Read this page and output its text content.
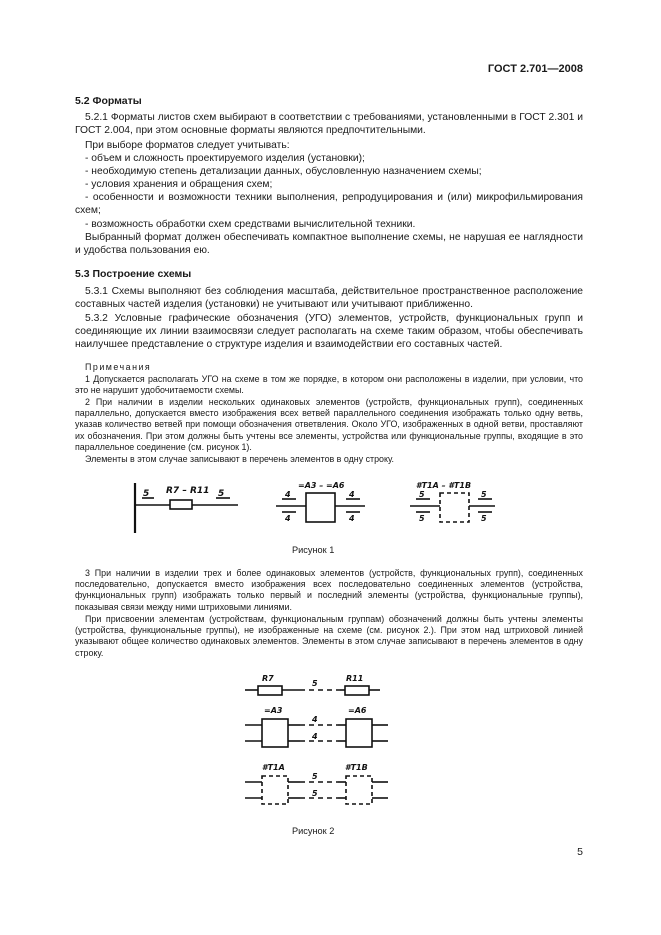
ГОСТ 2.701—2008
5.2 Форматы

5.2.1 Форматы листов схем выбирают в соответствии с требованиями, установленными в ГОСТ 2.301 и ГОСТ 2.004, при этом основные форматы являются предпочтительными.

При выборе форматов следует учитывать:

- объем и сложность проектируемого изделия (установки);

- необходимую степень детализации данных, обусловленную назначением схемы;

- условия хранения и обращения схем;

- особенности и возможности техники выполнения, репродуцирования и (или) микрофильмирования схем;

- возможность обработки схем средствами вычислительной техники.

Выбранный формат должен обеспечивать компактное выполнение схемы, не нарушая ее наглядности и удобства пользования ею.

5.3 Построение схемы

5.3.1 Схемы выполняют без соблюдения масштаба, действительное пространственное расположение составных частей изделия (установки) не учитывают или учитывают приближенно.

5.3.2 Условные графические обозначения (УГО) элементов, устройств, функциональных групп и соединяющие их линии взаимосвязи следует располагать на схеме таким образом, чтобы обеспечивать наилучшее представление о структуре изделия и взаимодействии его составных частей.

Примечания

1 Допускается располагать УГО на схеме в том же порядке, в котором они расположены в изделии, при условии, что это не нарушит удобочитаемости схемы.

2 При наличии в изделии нескольких одинаковых элементов (устройств, функциональных групп), соединенных параллельно, допускается вместо изображения всех ветвей параллельного соединения изображать только одну ветвь, указав количество ветвей при помощи обозначения ответвления. Около УГО, изображенных в одной ветви, проставляют их обозначения. При этом должны быть учтены все элементы, устройства или функциональные группы, входящие в это параллельное соединение (см. рисунок 1).

Элементы в этом случае записывают в перечень элементов в одну строку.

5 R7 – R11 5
=A3 – =A6
4
4
4
4
#T1A – #T1B
5
5
5
5
Рисунок 1

3 При наличии в изделии трех и более одинаковых элементов (устройств, функциональных групп), соединенных последовательно, допускается вместо изображения всех последовательно соединенных элементов (устройства, функциональных групп) изображать только первый и последний элементы (устройства, функциональные группы), показывая связи между ними штриховыми линиями.

При присвоении элементам (устройствам, функциональным группам) обозначений должны быть учтены элементы (устройства, функциональные группы), не изображенные на схеме (см. рисунок 2.). При этом над штриховой линией указывают общее количество одинаковых элементов. Элементы в этом случае записывают в перечень элементов в одну строку.

R7
5
R11
=A3
4
4
=A6
#T1A
5
5
#T1B
Рисунок 2
5
